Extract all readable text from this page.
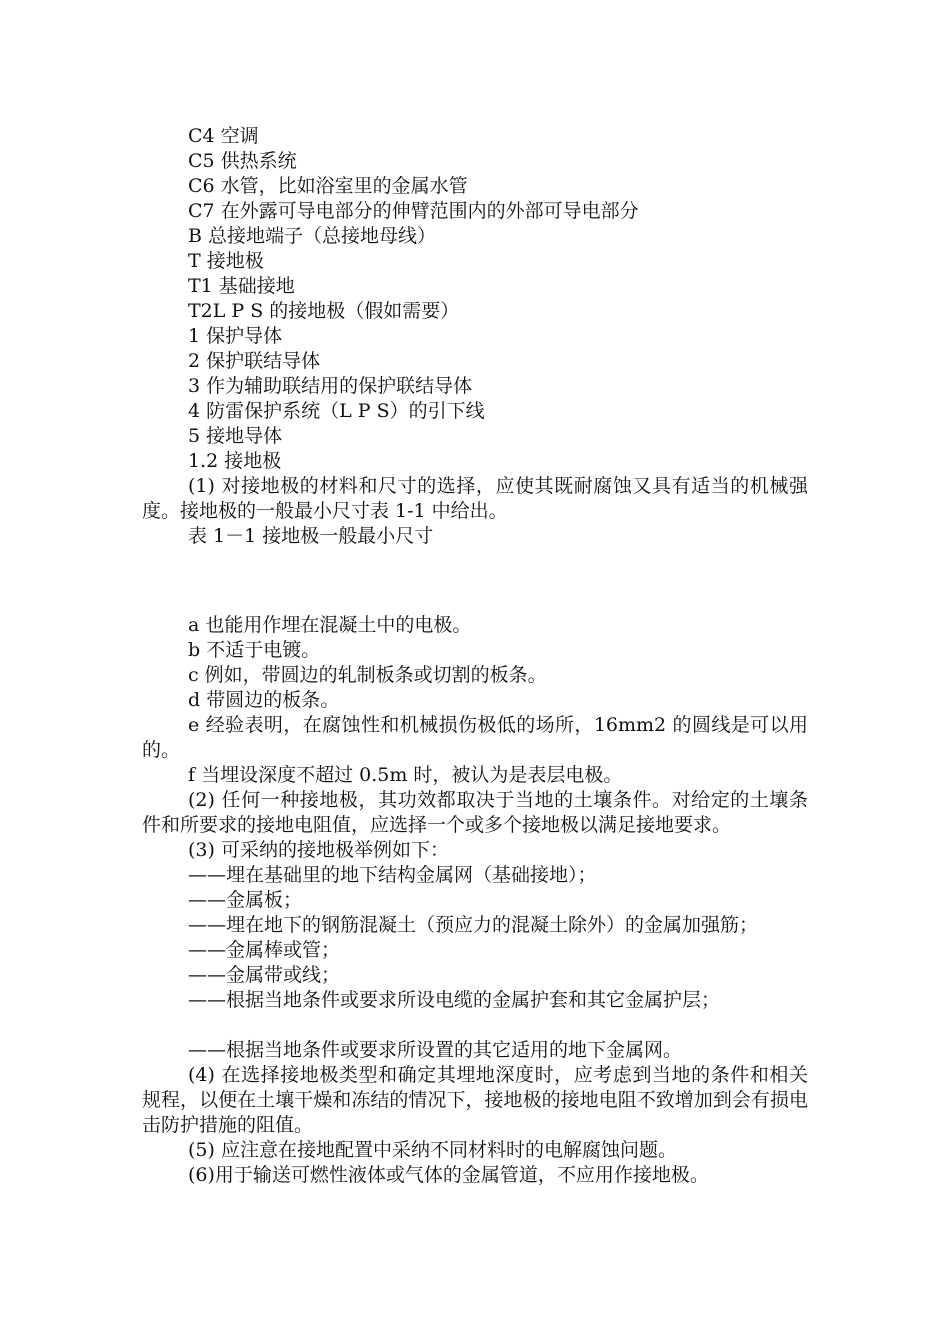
C4 空调
C5 供热系统
C6 水管，比如浴室里的金属水管
C7 在外露可导电部分的伸臂范围内的外部可导电部分
B 总接地端子（总接地母线）
T 接地极
T1 基础接地
T2L P S 的接地极（假如需要）
1 保护导体
2 保护联结导体
3 作为辅助联结用的保护联结导体
4 防雷保护系统（L P S）的引下线
5 接地导体
1.2 接地极

(1) 对接地极的材料和尺寸的选择，应使其既耐腐蚀又具有适当的机械强度。接地极的一般最小尺寸表 1-1 中给出。

表 1－1 接地极一般最小尺寸
a 也能用作埋在混凝土中的电极。
b 不适于电镀。
c 例如，带圆边的轧制板条或切割的板条。
d 带圆边的板条。

e 经验表明，在腐蚀性和机械损伤极低的场所，16mm2 的圆线是可以用的。

f 当埋设深度不超过 0.5m 时，被认为是表层电极。

(2) 任何一种接地极，其功效都取决于当地的土壤条件。对给定的土壤条件和所要求的接地电阻值，应选择一个或多个接地极以满足接地要求。

(3) 可采纳的接地极举例如下：
——埋在基础里的地下结构金属网（基础接地）；
——金属板；

——埋在地下的钢筋混凝土（预应力的混凝土除外）的金属加强筋；

——金属棒或管；
——金属带或线；
——根据当地条件或要求所设电缆的金属护套和其它金属护层；
——根据当地条件或要求所设置的其它适用的地下金属网。

(4) 在选择接地极类型和确定其埋地深度时，应考虑到当地的条件和相关规程，以便在土壤干燥和冻结的情况下，接地极的接地电阻不致增加到会有损电击防护措施的阻值。

(5) 应注意在接地配置中采纳不同材料时的电解腐蚀问题。
(6)用于输送可燃性液体或气体的金属管道，不应用作接地极。
